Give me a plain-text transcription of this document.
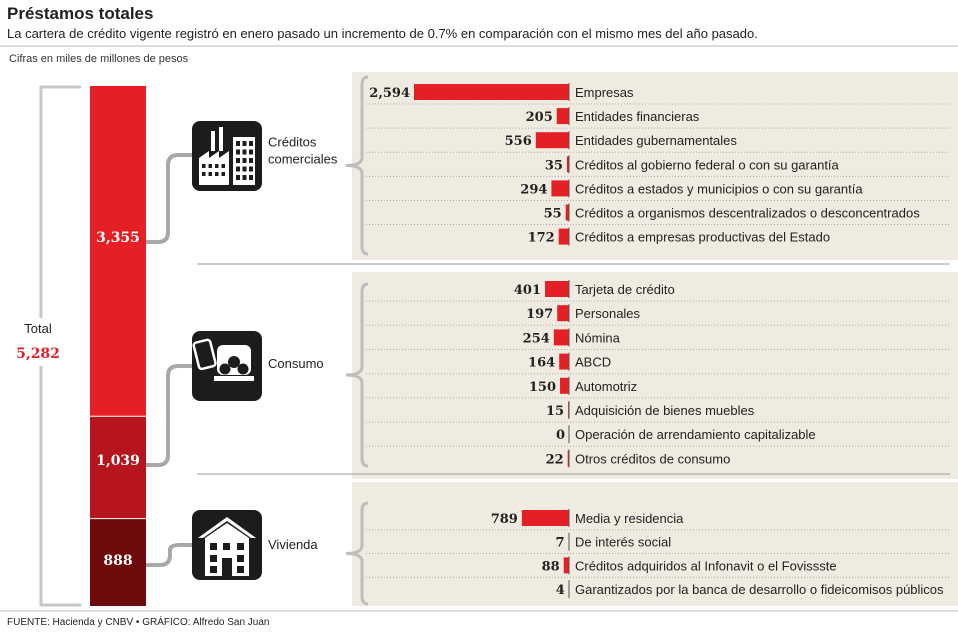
Préstamos totales
La cartera de crédito vigente registró en enero pasado un incremento de 0.7% en comparación con el mismo mes del año pasado.
Cifras en miles de millones de pesos
FUENTE: Hacienda y CNBV • GRÁFICO: Alfredo San Juan
Total
5,282
3,355
1,039
888
Créditos
comerciales
Consumo
Vivienda
2,594	Empresas
205 Entidades financieras
556	Entidades gubernamentales
35 Créditos al gobierno federal o con su garantía
294 Créditos a estados y municipios o con su garantía
55 Créditos a organismos descentralizados o desconcentrados
172 Créditos a empresas productivas del Estado
401	Tarjeta de crédito
197 Personales
254 Nómina
164 ABCD
150 Automotriz
15 Adquisición de bienes muebles
0 Operación de arrendamiento capitalizable
22 Otros créditos de consumo
789	Media y residencia
7 De interés social
88 Créditos adquiridos al Infonavit o el Fovissste
4 Garantizados por la banca de desarrollo o fideicomisos públicos
